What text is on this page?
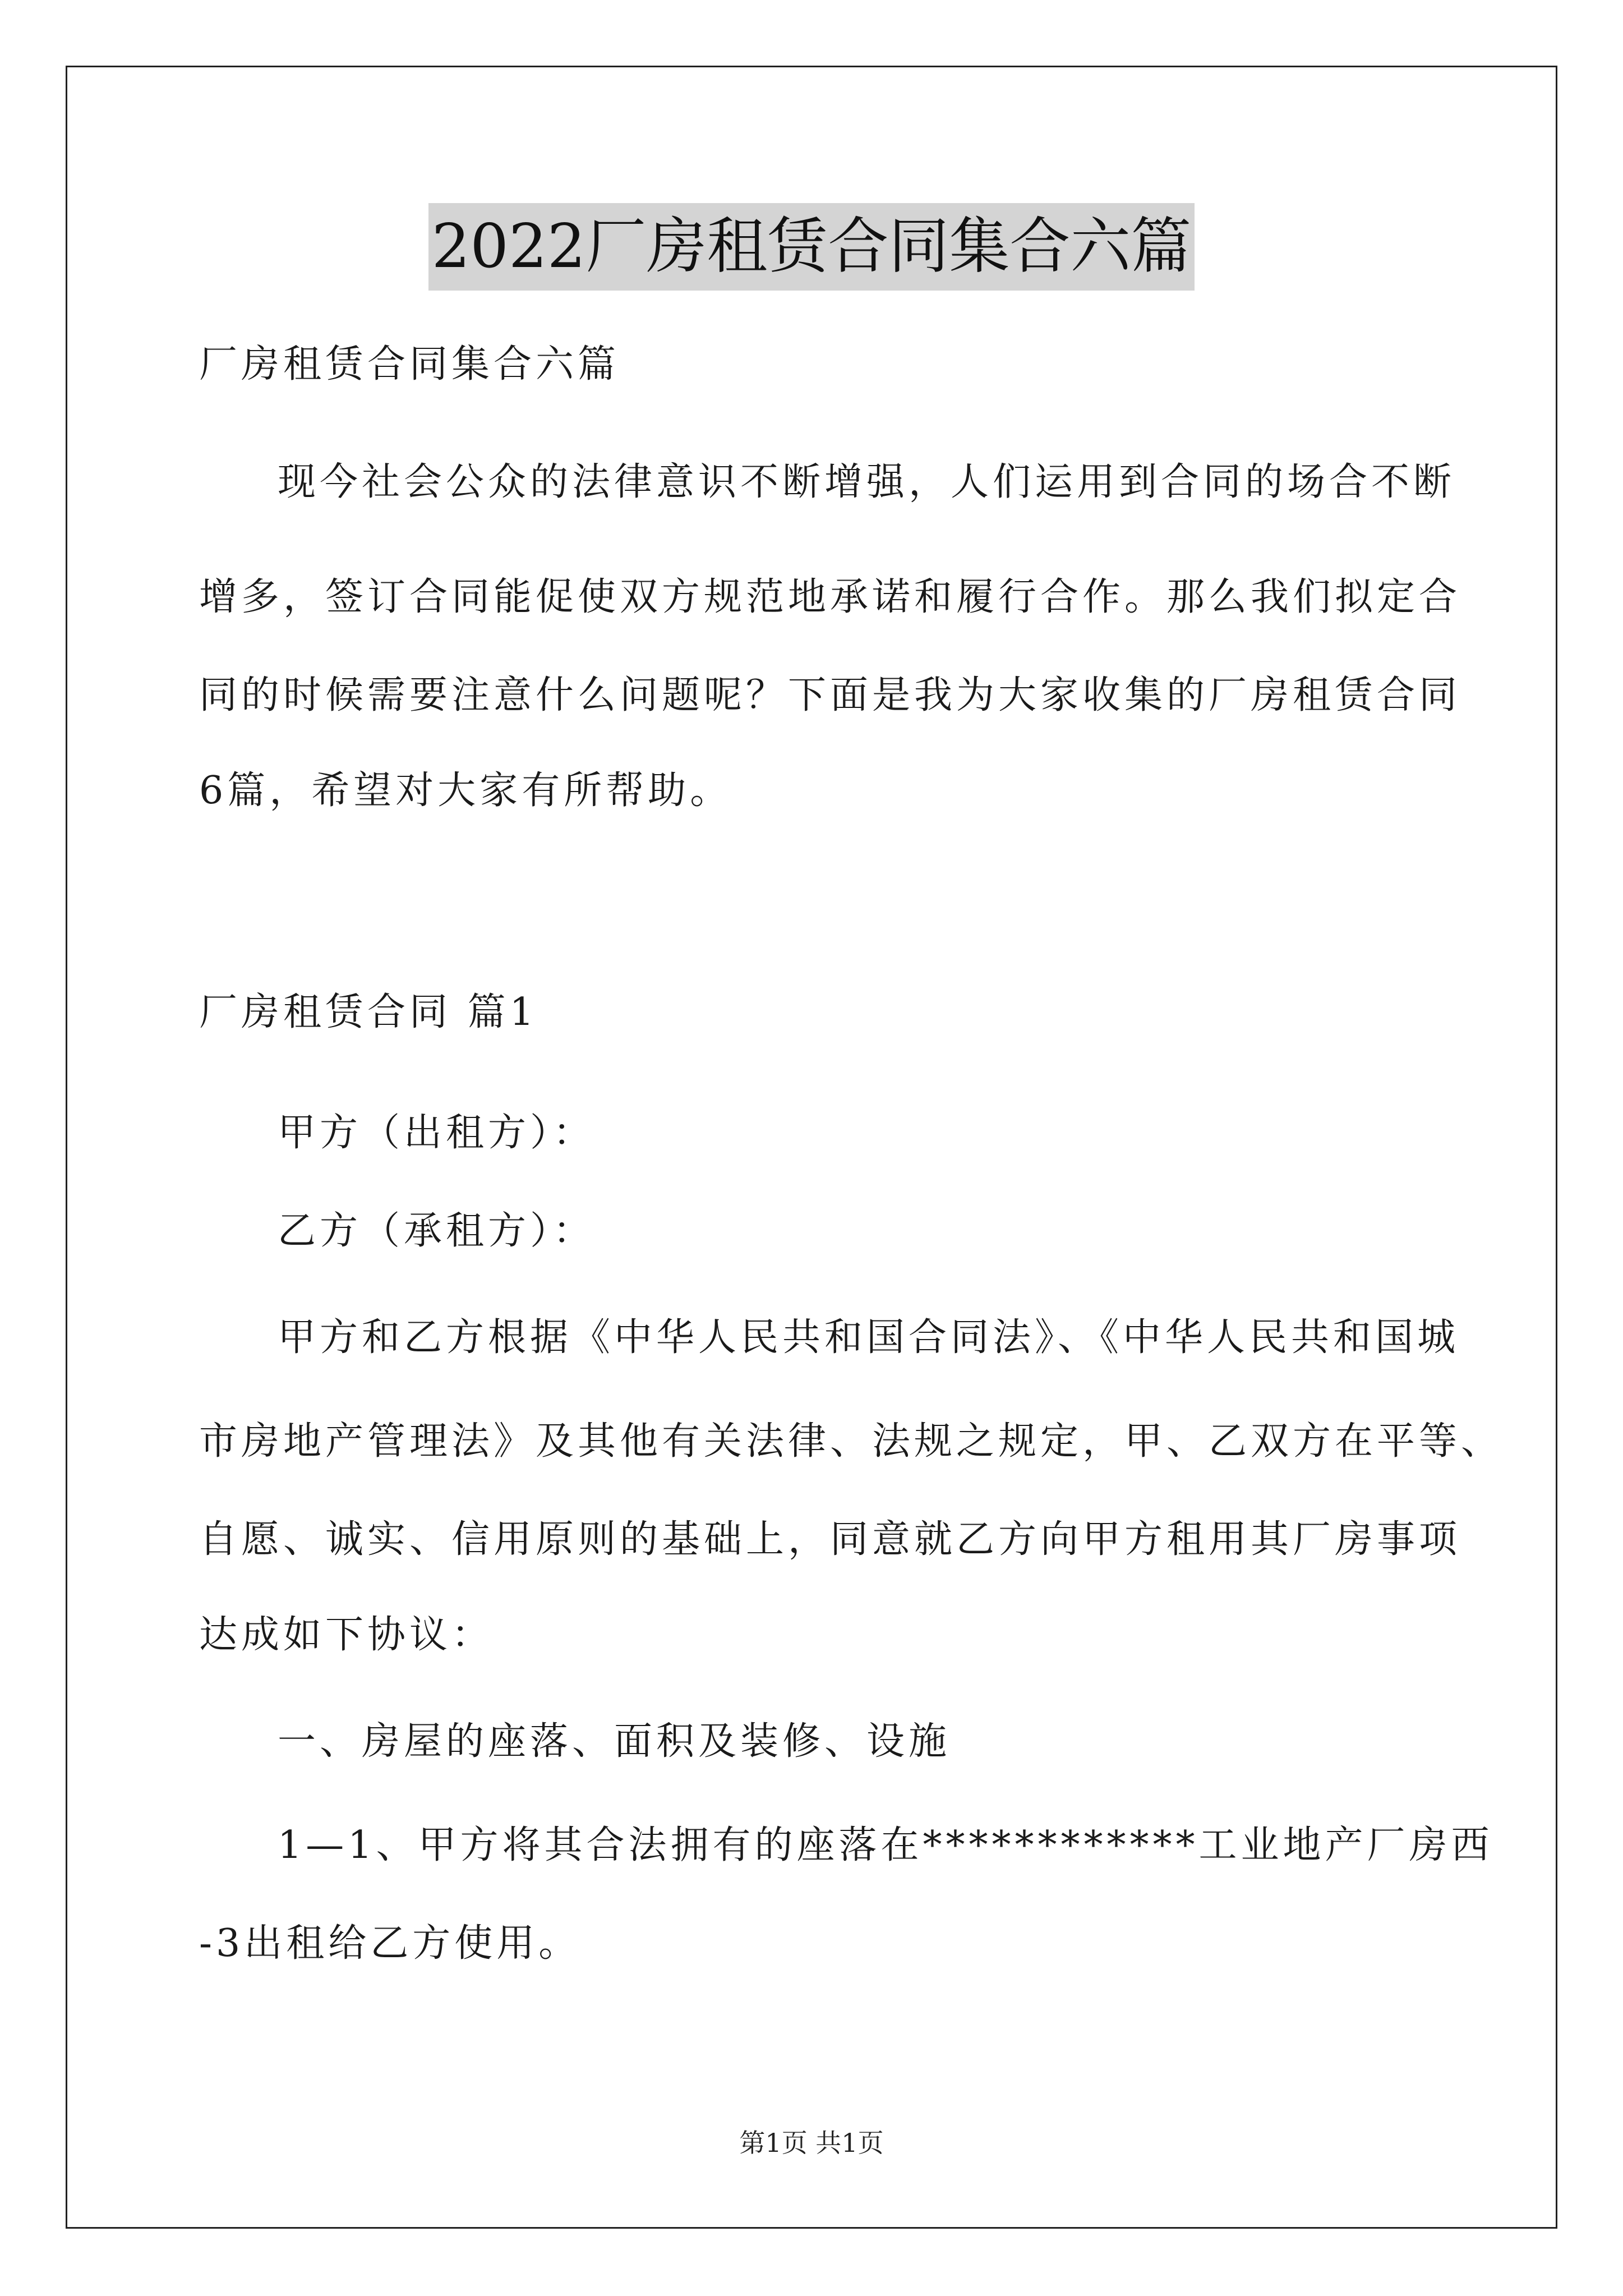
2022厂房租赁合同集合六篇
厂房租赁合同集合六篇
现今社会公众的法律意识不断增强，人们运用到合同的场合不断
增多，签订合同能促使双方规范地承诺和履行合作。那么我们拟定合
同的时候需要注意什么问题呢？下面是我为大家收集的厂房租赁合同
6篇，希望对大家有所帮助。
厂房租赁合同 篇1
甲方（出租方）：
乙方（承租方）：
甲方和乙方根据《中华人民共和国合同法》、《中华人民共和国城
市房地产管理法》及其他有关法律、法规之规定，甲、乙双方在平等、
自愿、诚实、信用原则的基础上，同意就乙方向甲方租用其厂房事项
达成如下协议：
一、房屋的座落、面积及装修、设施
1—1、甲方将其合法拥有的座落在************工业地产厂房西
-3出租给乙方使用。
第1页 共1页
